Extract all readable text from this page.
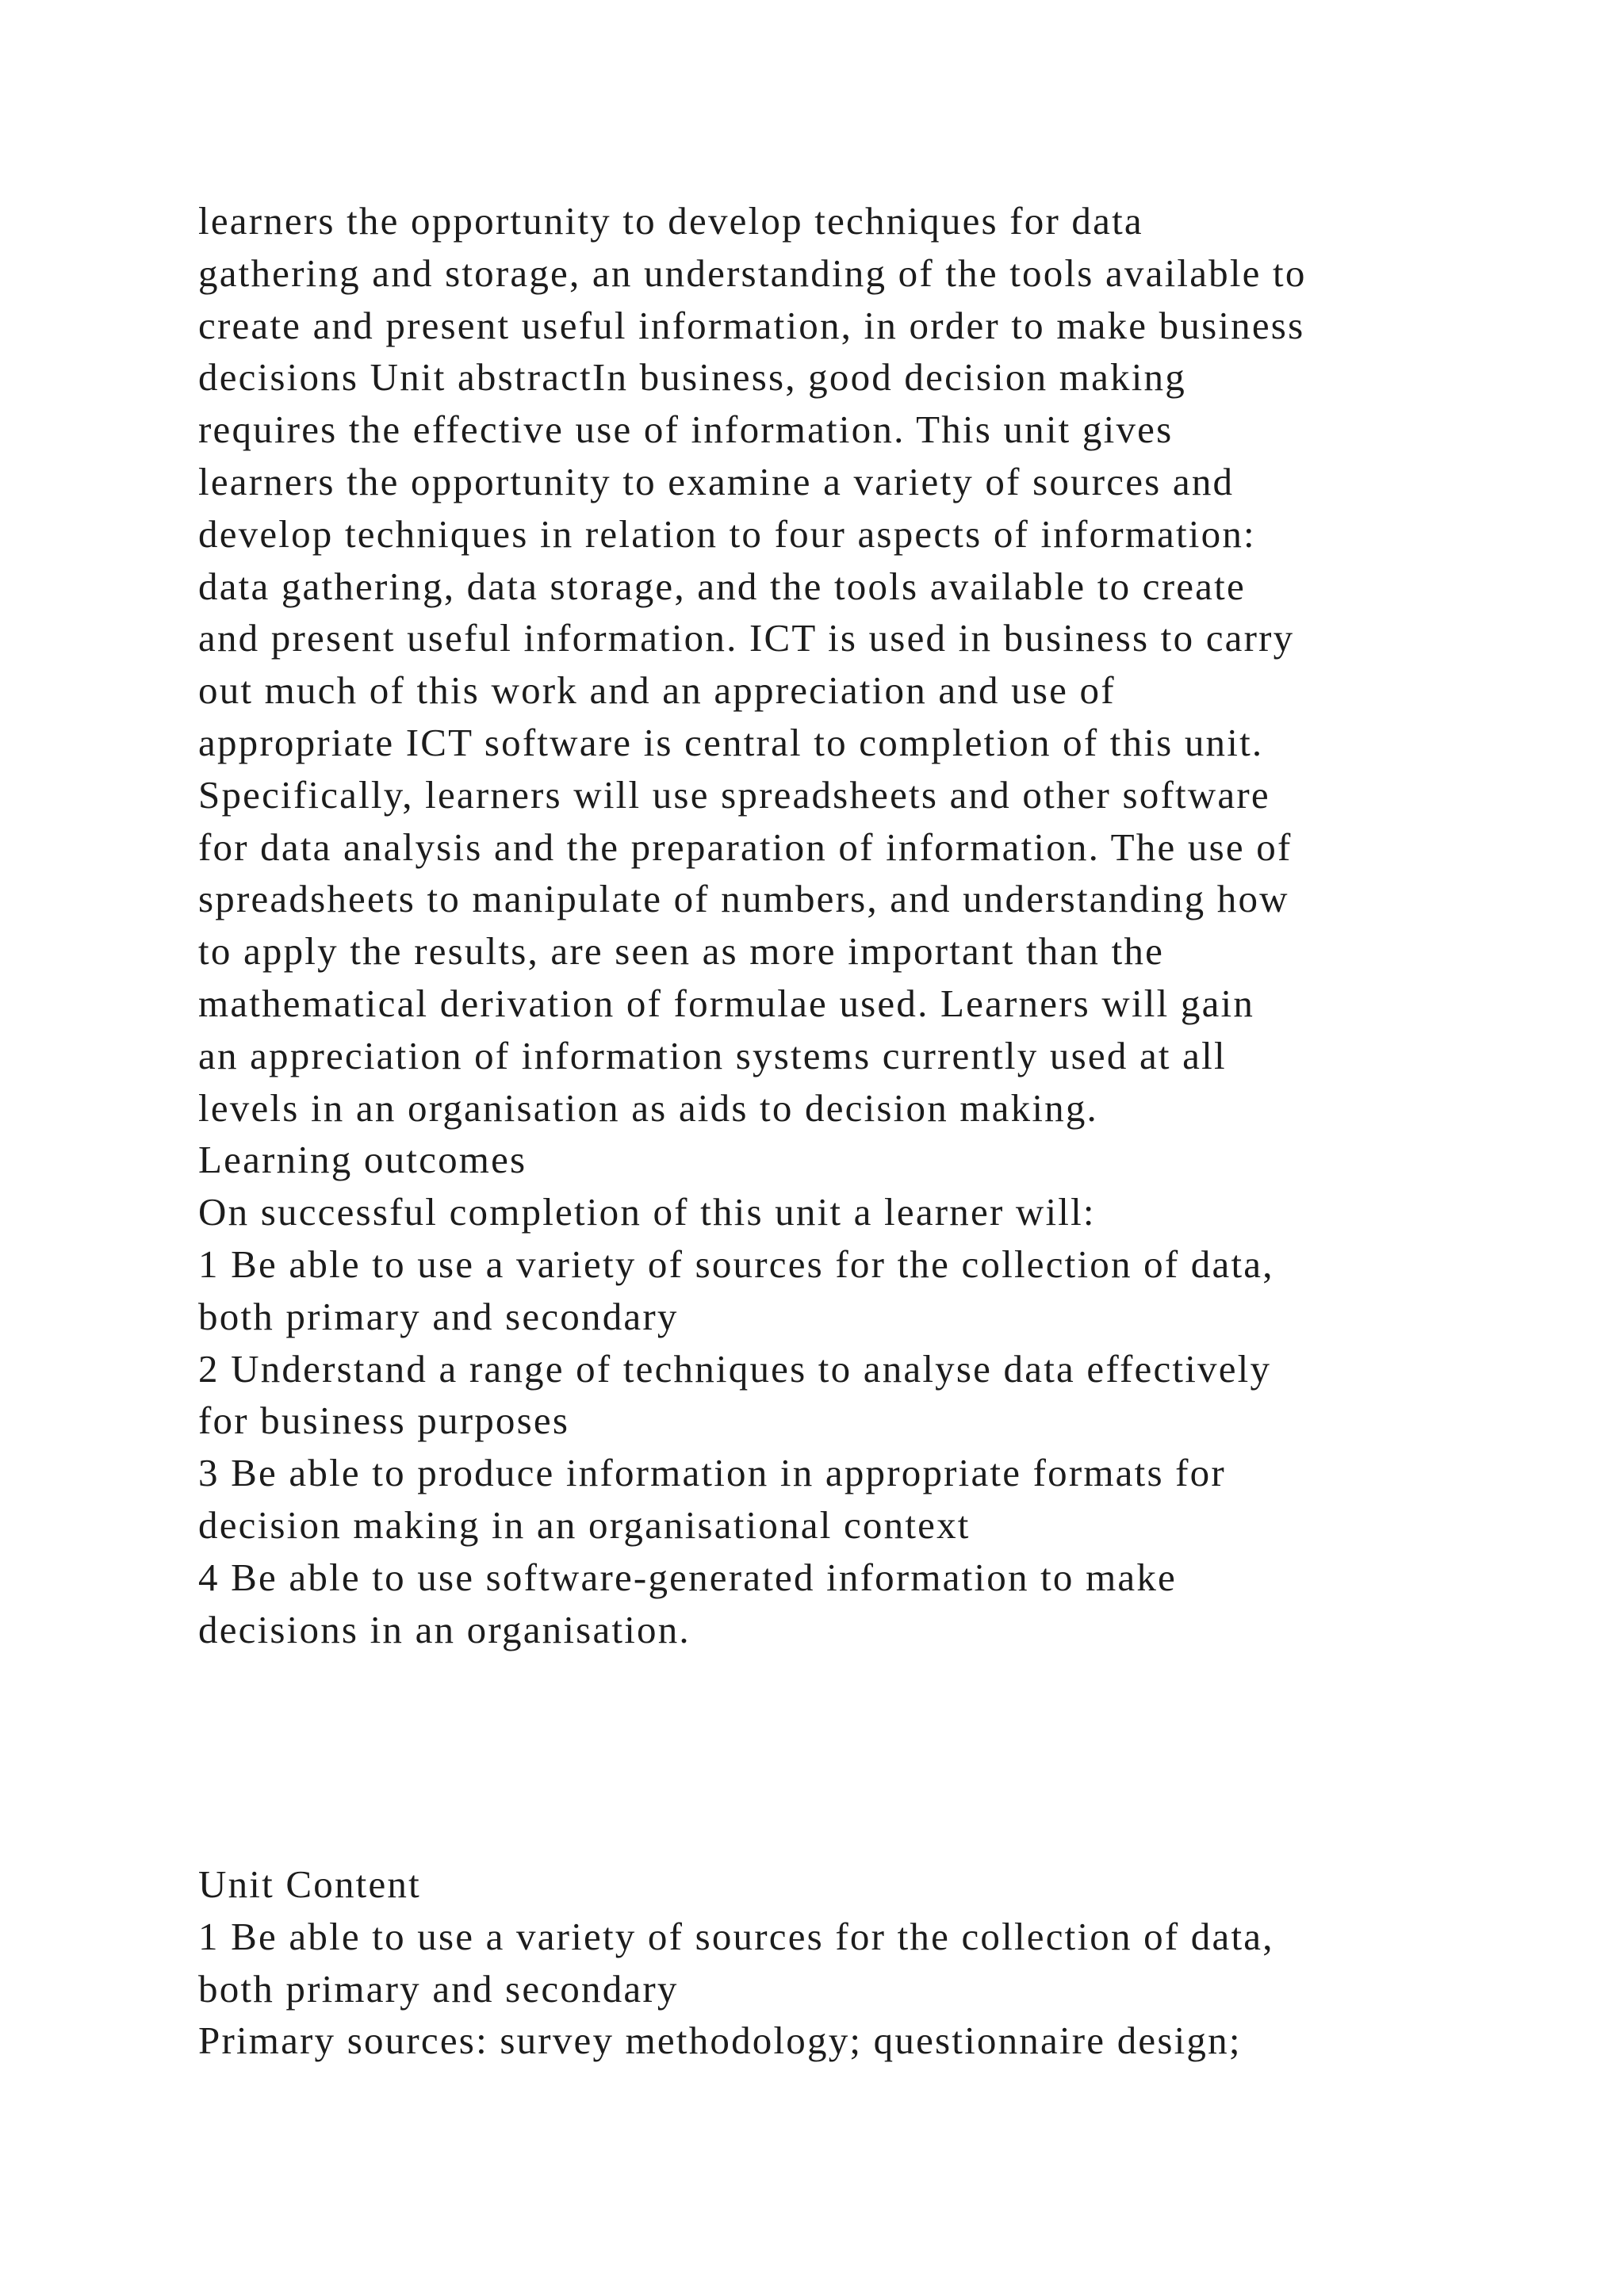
learners the opportunity to develop techniques for data
gathering and storage, an understanding of the tools available to
create and present useful information, in order to make business
decisions Unit abstractIn business, good decision making
requires the effective use of information. This unit gives
learners the opportunity to examine a variety of sources and
develop techniques in relation to four aspects of information:
data gathering, data storage, and the tools available to create
and present useful information. ICT is used in business to carry
out much of this work and an appreciation and use of
appropriate ICT software is central to completion of this unit.
Specifically, learners will use spreadsheets and other software
for data analysis and the preparation of information. The use of
spreadsheets to manipulate of numbers, and understanding how
to apply the results, are seen as more important than the
mathematical derivation of formulae used. Learners will gain
an appreciation of information systems currently used at all
levels in an organisation as aids to decision making.
Learning outcomes
On successful completion of this unit a learner will:
1 Be able to use a variety of sources for the collection of data,
both primary and secondary
2 Understand a range of techniques to analyse data effectively
for business purposes
3 Be able to produce information in appropriate formats for
decision making in an organisational context
4 Be able to use software-generated information to make
decisions in an organisation.
Unit Content
1 Be able to use a variety of sources for the collection of data,
both primary and secondary
Primary sources: survey methodology; questionnaire design;
